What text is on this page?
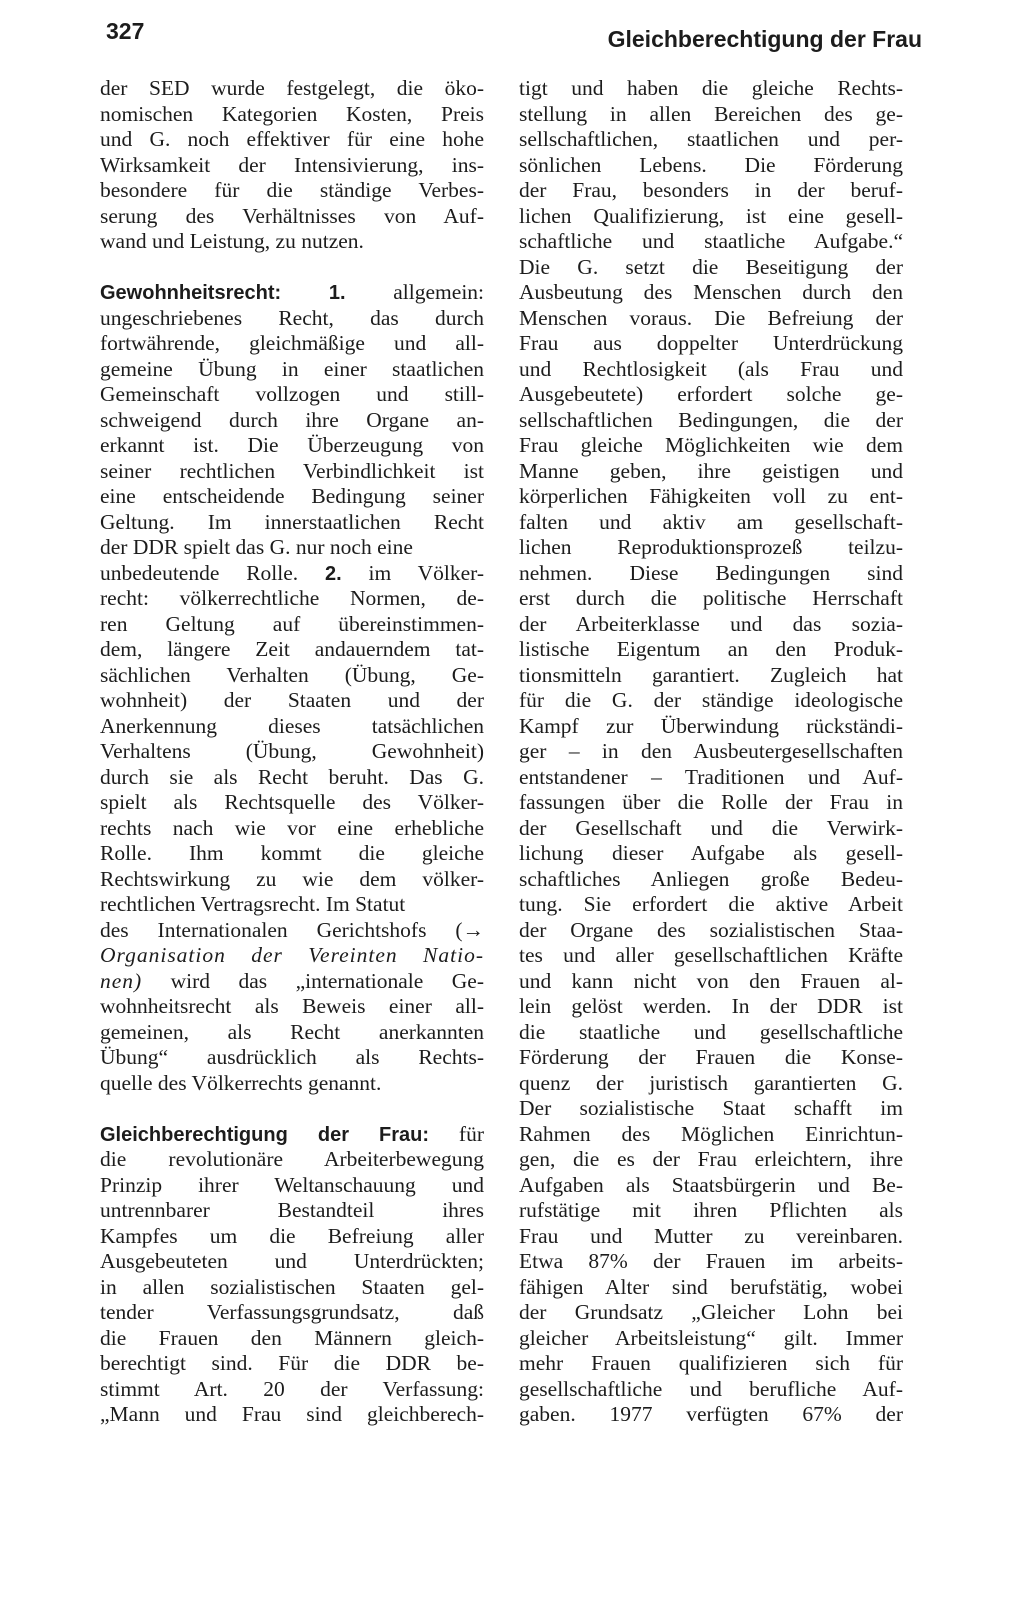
327	Gleichberechtigung der Frau
der SED wurde festgelegt, die öko-
nomischen Kategorien Kosten, Preis
und G. noch effektiver für eine hohe
Wirksamkeit der Intensivierung, ins-
besondere für die ständige Verbes-
serung des Verhältnisses von Auf-
wand und Leistung, zu nutzen.
Gewohnheitsrecht: 1. allgemein:
ungeschriebenes Recht, das durch
fortwährende, gleichmäßige und all-
gemeine Übung in einer staatlichen
Gemeinschaft vollzogen und still-
schweigend durch ihre Organe an-
erkannt ist. Die Überzeugung von
seiner rechtlichen Verbindlichkeit ist
eine entscheidende Bedingung seiner
Geltung. Im innerstaatlichen Recht
der DDR spielt das G. nur noch eine
unbedeutende Rolle. 2. im Völker-
recht: völkerrechtliche Normen, de-
ren Geltung auf übereinstimmen-
dem, längere Zeit andauerndem tat-
sächlichen Verhalten (Übung, Ge-
wohnheit) der Staaten und der
Anerkennung dieses tatsächlichen
Verhaltens (Übung, Gewohnheit)
durch sie als Recht beruht. Das G.
spielt als Rechtsquelle des Völker-
rechts nach wie vor eine erhebliche
Rolle. Ihm kommt die gleiche
Rechtswirkung zu wie dem völker-
rechtlichen Vertragsrecht. Im Statut
des Internationalen Gerichtshofs (→
Organisation der Vereinten Natio-
nen) wird das „internationale Ge-
wohnheitsrecht als Beweis einer all-
gemeinen, als Recht anerkannten
Übung“ ausdrücklich als Rechts-
quelle des Völkerrechts genannt.
Gleichberechtigung der Frau: für
die revolutionäre Arbeiterbewegung
Prinzip ihrer Weltanschauung und
untrennbarer Bestandteil ihres
Kampfes um die Befreiung aller
Ausgebeuteten und Unterdrückten;
in allen sozialistischen Staaten gel-
tender Verfassungsgrundsatz, daß
die Frauen den Männern gleich-
berechtigt sind. Für die DDR be-
stimmt Art. 20 der Verfassung:
„Mann und Frau sind gleichberech-
tigt und haben die gleiche Rechts-
stellung in allen Bereichen des ge-
sellschaftlichen, staatlichen und per-
sönlichen Lebens. Die Förderung
der Frau, besonders in der beruf-
lichen Qualifizierung, ist eine gesell-
schaftliche und staatliche Aufgabe.“
Die G. setzt die Beseitigung der
Ausbeutung des Menschen durch den
Menschen voraus. Die Befreiung der
Frau aus doppelter Unterdrückung
und Rechtlosigkeit (als Frau und
Ausgebeutete) erfordert solche ge-
sellschaftlichen Bedingungen, die der
Frau gleiche Möglichkeiten wie dem
Manne geben, ihre geistigen und
körperlichen Fähigkeiten voll zu ent-
falten und aktiv am gesellschaft-
lichen Reproduktionsprozeß teilzu-
nehmen. Diese Bedingungen sind
erst durch die politische Herrschaft
der Arbeiterklasse und das sozia-
listische Eigentum an den Produk-
tionsmitteln garantiert. Zugleich hat
für die G. der ständige ideologische
Kampf zur Überwindung rückständi-
ger – in den Ausbeutergesellschaften
entstandener – Traditionen und Auf-
fassungen über die Rolle der Frau in
der Gesellschaft und die Verwirk-
lichung dieser Aufgabe als gesell-
schaftliches Anliegen große Bedeu-
tung. Sie erfordert die aktive Arbeit
der Organe des sozialistischen Staa-
tes und aller gesellschaftlichen Kräfte
und kann nicht von den Frauen al-
lein gelöst werden. In der DDR ist
die staatliche und gesellschaftliche
Förderung der Frauen die Konse-
quenz der juristisch garantierten G.
Der sozialistische Staat schafft im
Rahmen des Möglichen Einrichtun-
gen, die es der Frau erleichtern, ihre
Aufgaben als Staatsbürgerin und Be-
rufstätige mit ihren Pflichten als
Frau und Mutter zu vereinbaren.
Etwa 87% der Frauen im arbeits-
fähigen Alter sind berufstätig, wobei
der Grundsatz „Gleicher Lohn bei
gleicher Arbeitsleistung“ gilt. Immer
mehr Frauen qualifizieren sich für
gesellschaftliche und berufliche Auf-
gaben. 1977 verfügten 67% der
